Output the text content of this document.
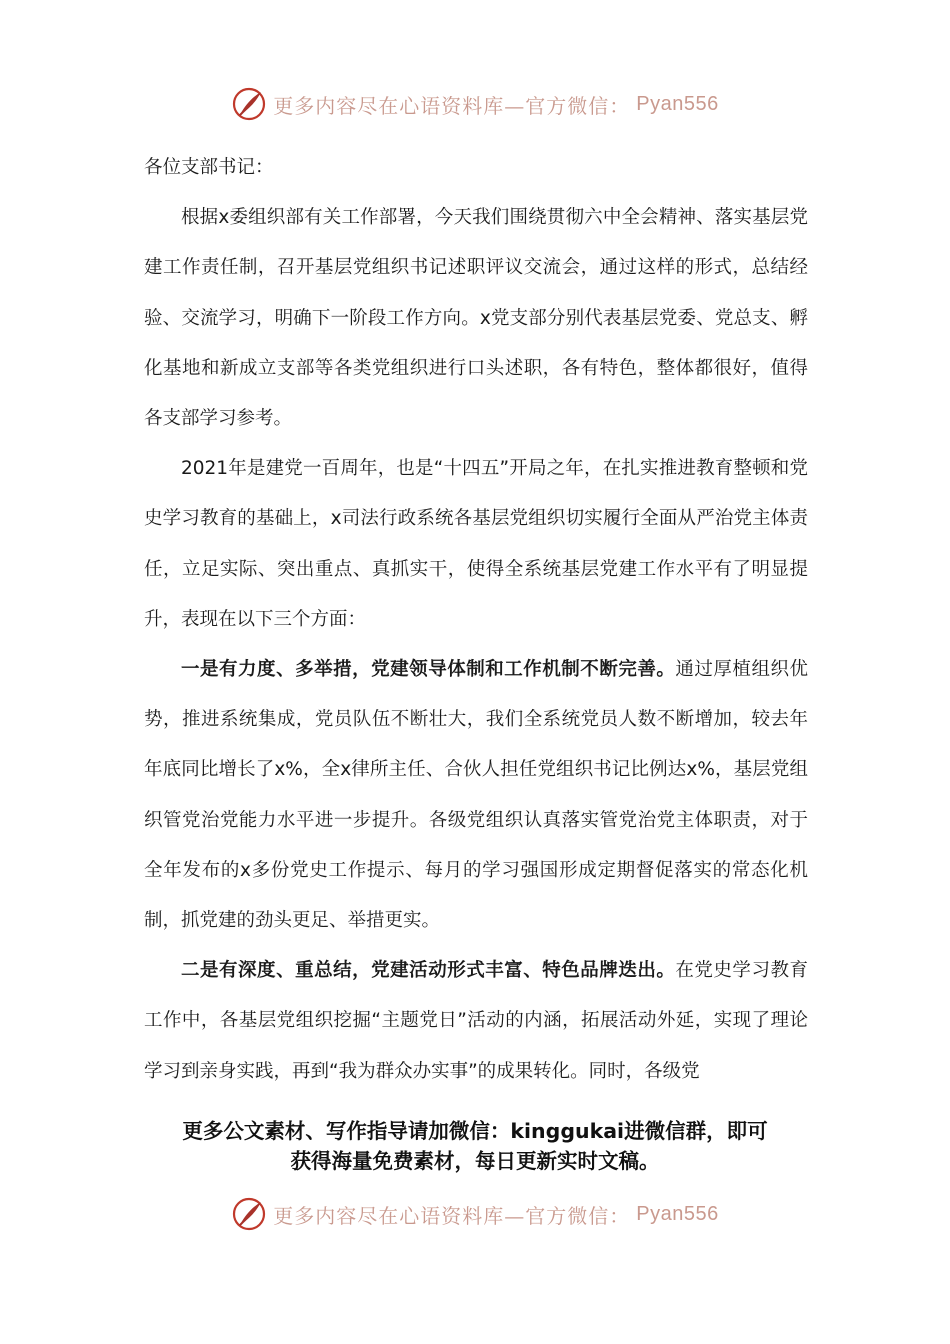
更多内容尽在心语资料库—官方微信： Pyan556

各位支部书记：

根据x委组织部有关工作部署，今天我们围绕贯彻六中全会精神、落实基层党建工作责任制，召开基层党组织书记述职评议交流会，通过这样的形式，总结经验、交流学习，明确下一阶段工作方向。x党支部分别代表基层党委、党总支、孵化基地和新成立支部等各类党组织进行口头述职，各有特色，整体都很好，值得各支部学习参考。

2021年是建党一百周年，也是“十四五”开局之年，在扎实推进教育整顿和党史学习教育的基础上，x司法行政系统各基层党组织切实履行全面从严治党主体责任，立足实际、突出重点、真抓实干，使得全系统基层党建工作水平有了明显提升，表现在以下三个方面：

一是有力度、多举措，党建领导体制和工作机制不断完善。通过厚植组织优势，推进系统集成，党员队伍不断壮大，我们全系统党员人数不断增加，较去年年底同比增长了x%，全x律所主任、合伙人担任党组织书记比例达x%，基层党组织管党治党能力水平进一步提升。各级党组织认真落实管党治党主体职责，对于全年发布的x多份党史工作提示、每月的学习强国形成定期督促落实的常态化机制，抓党建的劲头更足、举措更实。

二是有深度、重总结，党建活动形式丰富、特色品牌迭出。在党史学习教育工作中，各基层党组织挖掘“主题党日”活动的内涵，拓展活动外延，实现了理论学习到亲身实践，再到“我为群众办实事”的成果转化。同时，各级党

更多公文素材、写作指导请加微信：kinggukai进微信群，即可
获得海量免费素材，每日更新实时文稿。
更多内容尽在心语资料库—官方微信： Pyan556
